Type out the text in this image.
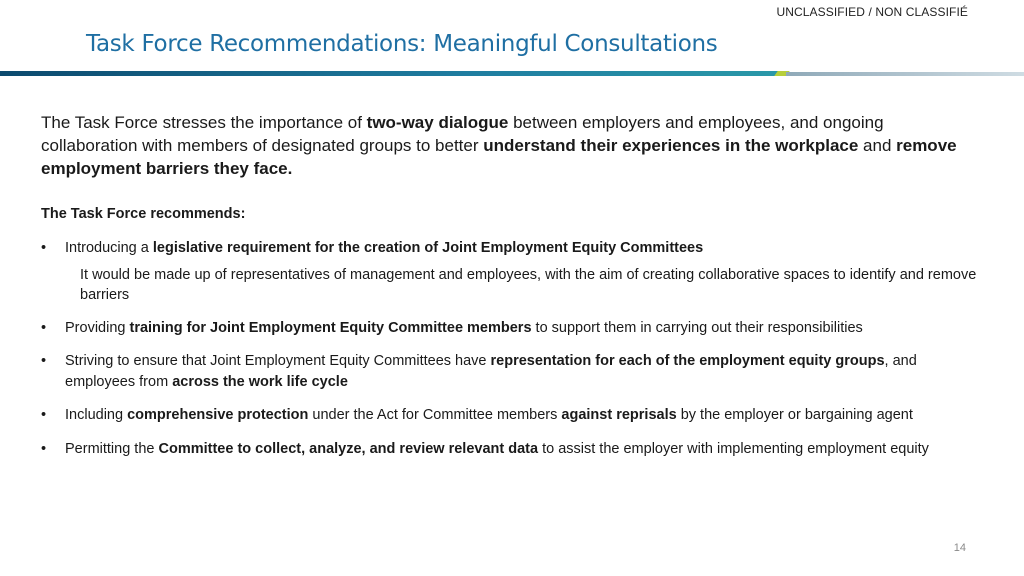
UNCLASSIFIED / NON CLASSIFIÉ
Task Force Recommendations: Meaningful Consultations

The Task Force stresses the importance of two-way dialogue between employers and employees, and ongoing collaboration with members of designated groups to better understand their experiences in the workplace and remove employment barriers they face.

The Task Force recommends:

• Introducing a legislative requirement for the creation of Joint Employment Equity Committees

It would be made up of representatives of management and employees, with the aim of creating collaborative spaces to identify and remove barriers

• Providing training for Joint Employment Equity Committee members to support them in carrying out their responsibilities
• Striving to ensure that Joint Employment Equity Committees have representation for each of the employment equity groups, and employees from across the work life cycle
• Including comprehensive protection under the Act for Committee members against reprisals by the employer or bargaining agent
• Permitting the Committee to collect, analyze, and review relevant data to assist the employer with implementing employment equity
14
